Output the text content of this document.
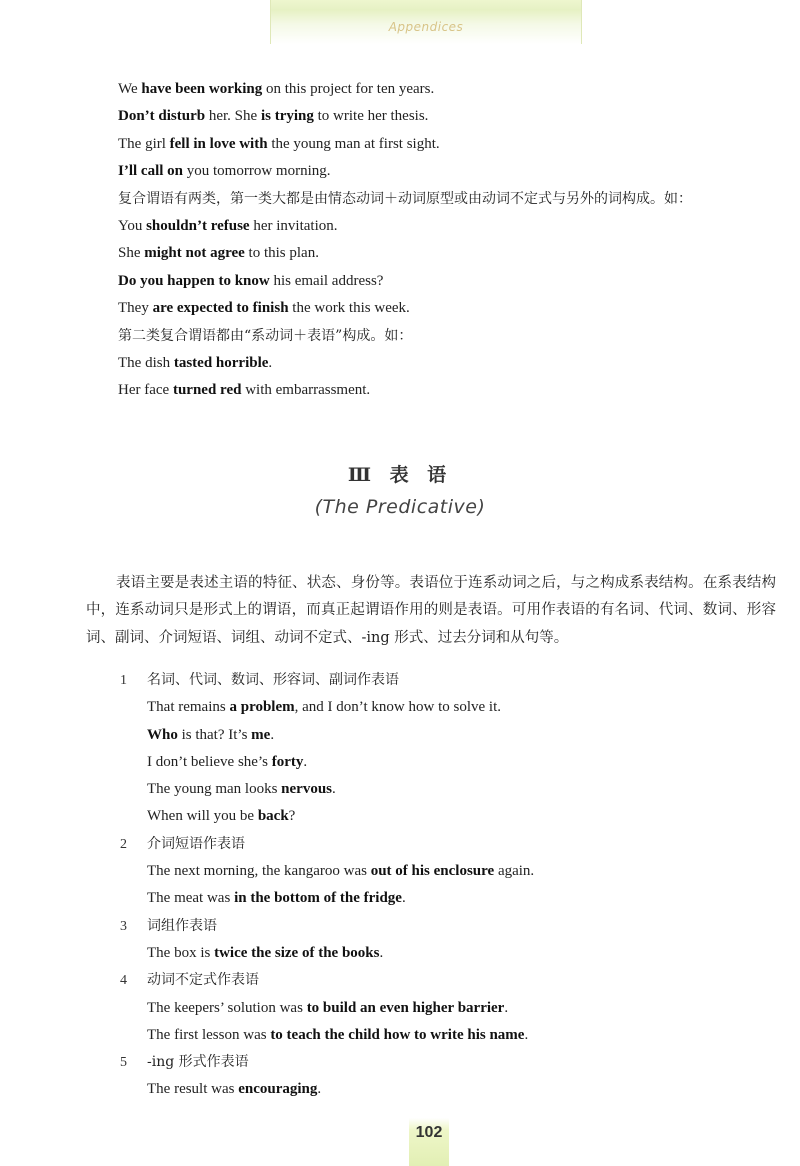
Appendices
We have been working on this project for ten years.
Don’t disturb her. She is trying to write her thesis.
The girl fell in love with the young man at first sight.
I’ll call on you tomorrow morning.
复合谓语有两类，第一类大都是由情态动词＋动词原型或由动词不定式与另外的词构成。如：
You shouldn’t refuse her invitation.
She might not agree to this plan.
Do you happen to know his email address?
They are expected to finish the work this week.
第二类复合谓语都由“系动词＋表语”构成。如：
The dish tasted horrible.
Her face turned red with embarrassment.
Ⅲ 表 语
(The Predicative)

表语主要是表述主语的特征、状态、身份等。表语位于连系动词之后，与之构成系表结构。在系表结构中，连系动词只是形式上的谓语，而真正起谓语作用的则是表语。可用作表语的有名词、代词、数词、形容词、副词、介词短语、词组、动词不定式、-ing 形式、过去分词和从句等。

1 名词、代词、数词、形容词、副词作表语
That remains a problem, and I don’t know how to solve it.
Who is that? It’s me.
I don’t believe she’s forty.
The young man looks nervous.
When will you be back?
2 介词短语作表语
The next morning, the kangaroo was out of his enclosure again.
The meat was in the bottom of the fridge.
3 词组作表语
The box is twice the size of the books.
4 动词不定式作表语
The keepers’ solution was to build an even higher barrier.
The first lesson was to teach the child how to write his name.
5 -ing 形式作表语
The result was encouraging.
102
